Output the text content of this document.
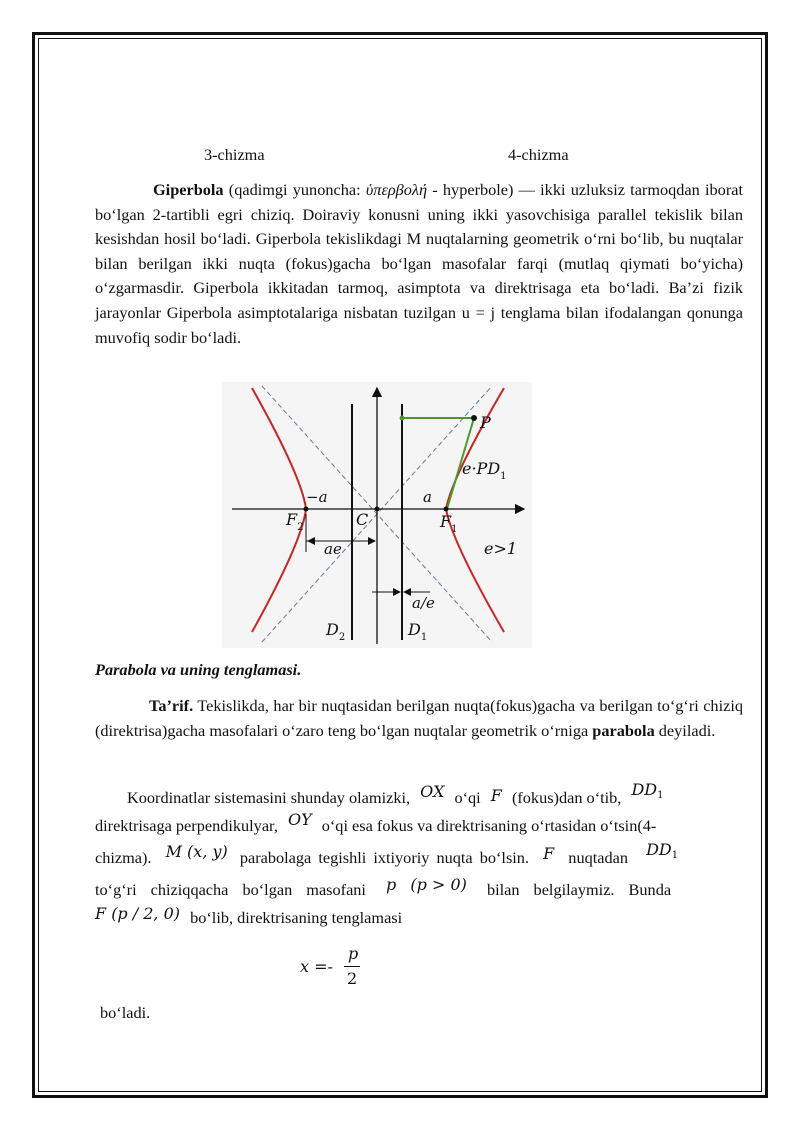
3-chizma	4-chizma
Giperbola (qadimgi yunoncha: ὑπερβολή - hyperbole) — ikki uzluksiz tarmoqdan iborat bo‘lgan 2-tartibli egri chiziq. Doiraviy konusni uning ikki yasovchisiga parallel tekislik bilan kesishdan hosil bo‘ladi. Giperbola tekislikdagi M nuqtalarning geometrik o‘rni bo‘lib, bu nuqtalar bilan berilgan ikki nuqta (fokus)gacha bo‘lgan masofalar farqi (mutlaq qiymati bo‘yicha) o‘zgarmasdir. Giperbola ikkitadan tarmoq, asimptota va direktrisaga eta bo‘ladi. Ba’zi fizik jarayonlar Giperbola asimptotalariga nisbatan tuzilgan u = j tenglama bilan ifodalangan qonunga muvofiq sodir bo‘ladi.
P
$e\cdot PD_1$
−a	a
$F_2$	C	$F_1$
ae	e>1
a/e
$D_2$	$D_1$
Parabola va uning tenglamasi.
Ta’rif. Tekislikda, har bir nuqtasidan berilgan nuqta(fokus)gacha va berilgan to‘g‘ri chiziq (direktrisa)gacha masofalari o‘zaro teng bo‘lgan nuqtalar geometrik o‘rniga parabola deyiladi.
Koordinatlar sistemasini shunday olamizki, OX o‘qi F (fokus)dan o‘tib, DD1
direktrisaga perpendikulyar, OY o‘qi esa fokus va direktrisaning o‘rtasidan o‘tsin(4-
chizma). M (x, y) parabolaga tegishli ixtiyoriy nuqta bo‘lsin. F nuqtadan DD1
to‘g‘ri chiziqqacha bo‘lgan masofani p (p > 0) bilan belgilaymiz. Bunda
F (p / 2, 0) bo‘lib, direktrisaning tenglamasi
x =-
p
2
bo‘ladi.
